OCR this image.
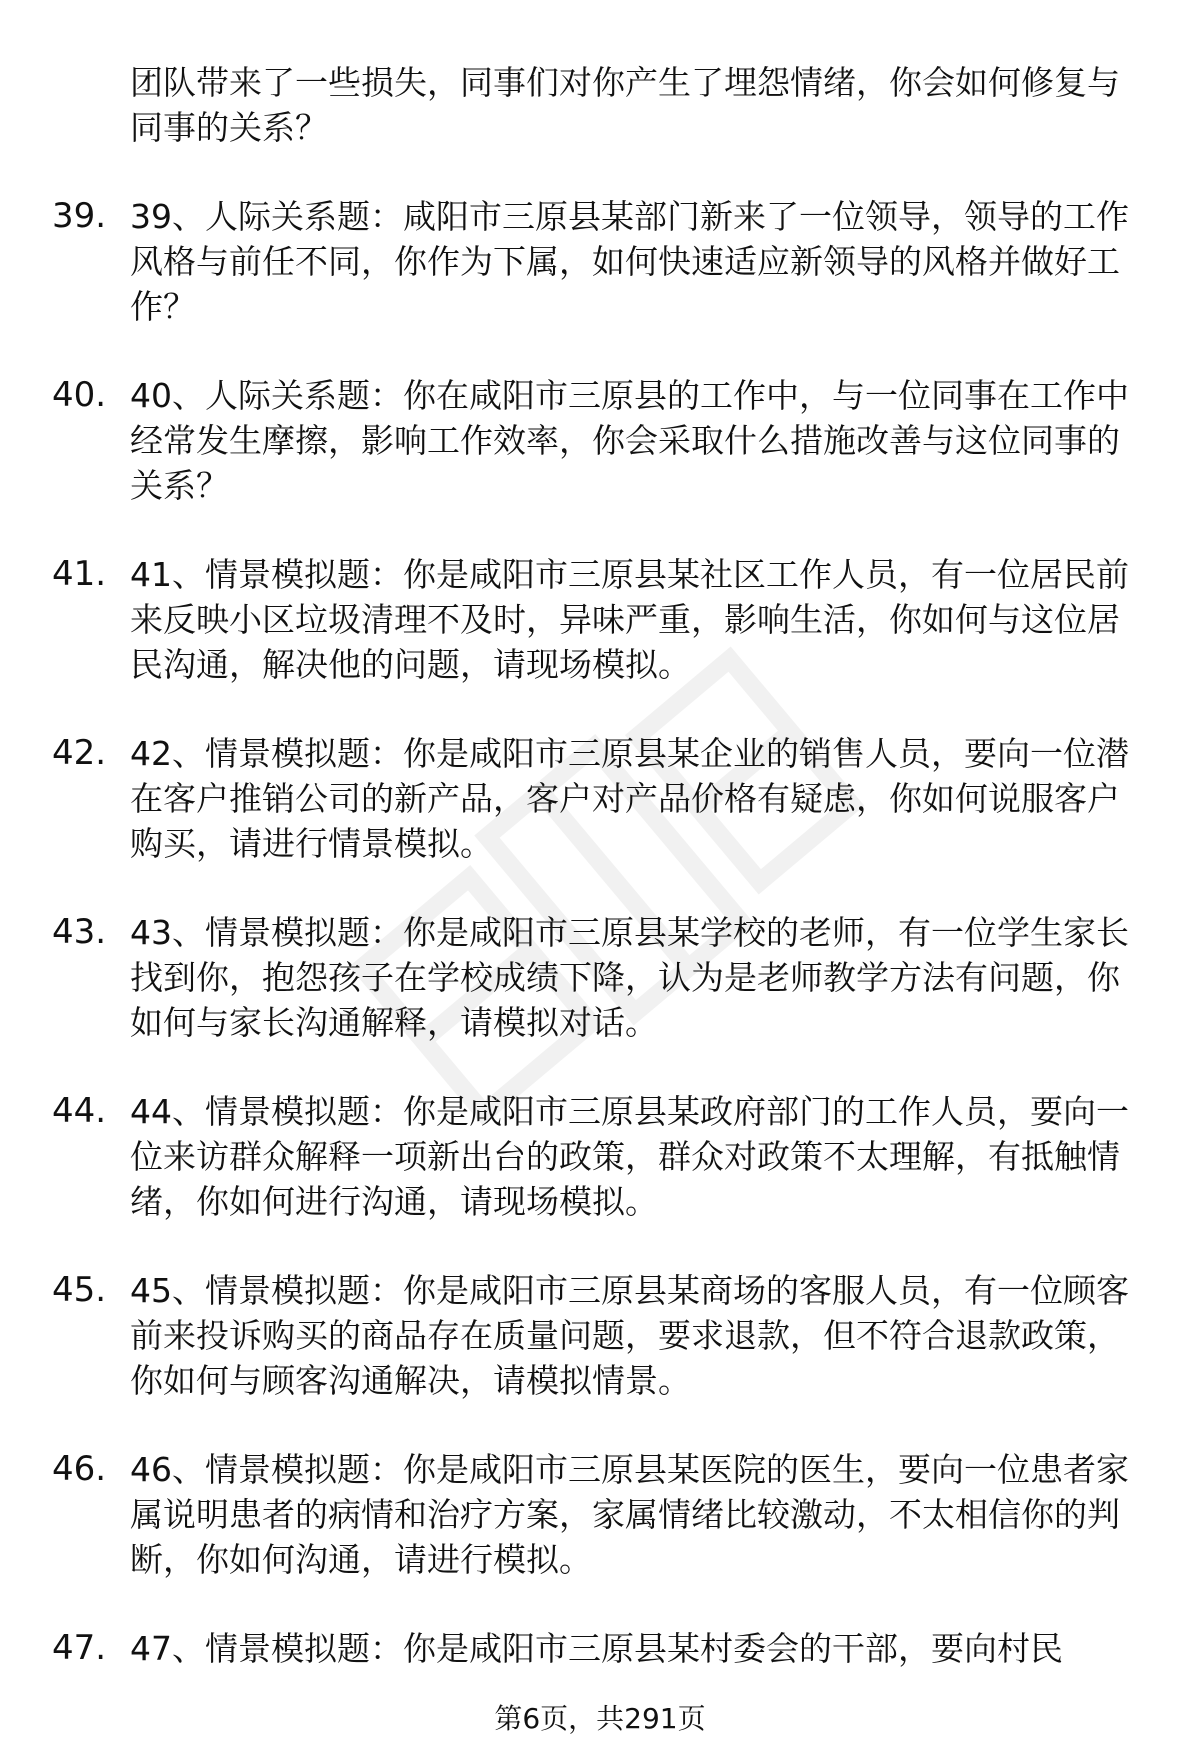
团队带来了一些损失，同事们对你产生了埋怨情绪，你会如何修复与同事的关系？
39. 39、人际关系题：咸阳市三原县某部门新来了一位领导，领导的工作风格与前任不同，你作为下属，如何快速适应新领导的风格并做好工作？
40. 40、人际关系题：你在咸阳市三原县的工作中，与一位同事在工作中经常发生摩擦，影响工作效率，你会采取什么措施改善与这位同事的关系？
41. 41、情景模拟题：你是咸阳市三原县某社区工作人员，有一位居民前来反映小区垃圾清理不及时，异味严重，影响生活，你如何与这位居民沟通，解决他的问题，请现场模拟。
42. 42、情景模拟题：你是咸阳市三原县某企业的销售人员，要向一位潜在客户推销公司的新产品，客户对产品价格有疑虑，你如何说服客户购买，请进行情景模拟。
43. 43、情景模拟题：你是咸阳市三原县某学校的老师，有一位学生家长找到你，抱怨孩子在学校成绩下降，认为是老师教学方法有问题，你如何与家长沟通解释，请模拟对话。
44. 44、情景模拟题：你是咸阳市三原县某政府部门的工作人员，要向一位来访群众解释一项新出台的政策，群众对政策不太理解，有抵触情绪，你如何进行沟通，请现场模拟。
45. 45、情景模拟题：你是咸阳市三原县某商场的客服人员，有一位顾客前来投诉购买的商品存在质量问题，要求退款，但不符合退款政策，你如何与顾客沟通解决，请模拟情景。
46. 46、情景模拟题：你是咸阳市三原县某医院的医生，要向一位患者家属说明患者的病情和治疗方案，家属情绪比较激动，不太相信你的判断，你如何沟通，请进行模拟。
47. 47、情景模拟题：你是咸阳市三原县某村委会的干部，要向村民
第6页，共291页
